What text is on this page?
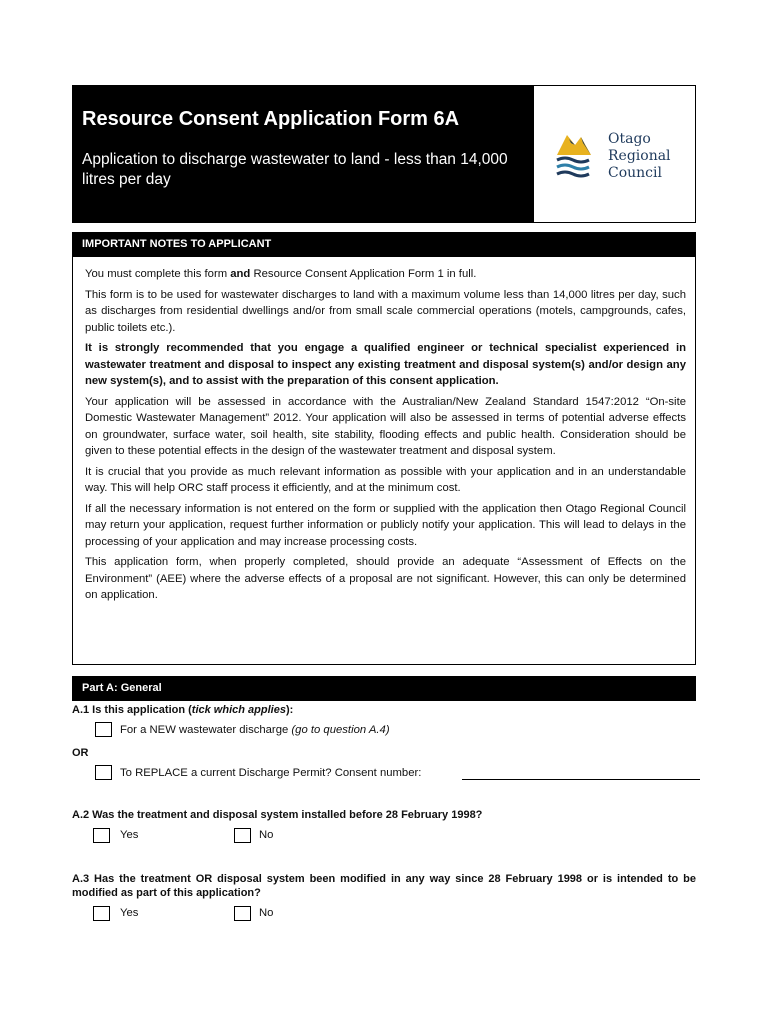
Resource Consent Application Form 6A
Application to discharge wastewater to land - less than 14,000 litres per day
Otago
Regional
Council
IMPORTANT NOTES TO APPLICANT

You must complete this form and Resource Consent Application Form 1 in full.

This form is to be used for wastewater discharges to land with a maximum volume less than 14,000 litres per day, such as discharges from residential dwellings and/or from small scale commercial operations (motels, campgrounds, cafes, public toilets etc.).

It is strongly recommended that you engage a qualified engineer or technical specialist experienced in wastewater treatment and disposal to inspect any existing treatment and disposal system(s) and/or design any new system(s), and to assist with the preparation of this consent application.

Your application will be assessed in accordance with the Australian/New Zealand Standard 1547:2012 “On-site Domestic Wastewater Management” 2012. Your application will also be assessed in terms of potential adverse effects on groundwater, surface water, soil health, site stability, flooding effects and public health. Consideration should be given to these potential effects in the design of the wastewater treatment and disposal system.

It is crucial that you provide as much relevant information as possible with your application and in an understandable way. This will help ORC staff process it efficiently, and at the minimum cost.

If all the necessary information is not entered on the form or supplied with the application then Otago Regional Council may return your application, request further information or publicly notify your application. This will lead to delays in the processing of your application and may increase processing costs.

This application form, when properly completed, should provide an adequate “Assessment of Effects on the Environment” (AEE) where the adverse effects of a proposal are not significant. However, this can only be determined on application.

Part A: General
A.1 Is this application (tick which applies):
For a NEW wastewater discharge (go to question A.4)
OR
To REPLACE a current Discharge Permit? Consent number:
A.2 Was the treatment and disposal system installed before 28 February 1998?
Yes	No
A.3 Has the treatment OR disposal system been modified in any way since 28 February 1998 or is intended to be modified as part of this application?
Yes	No
